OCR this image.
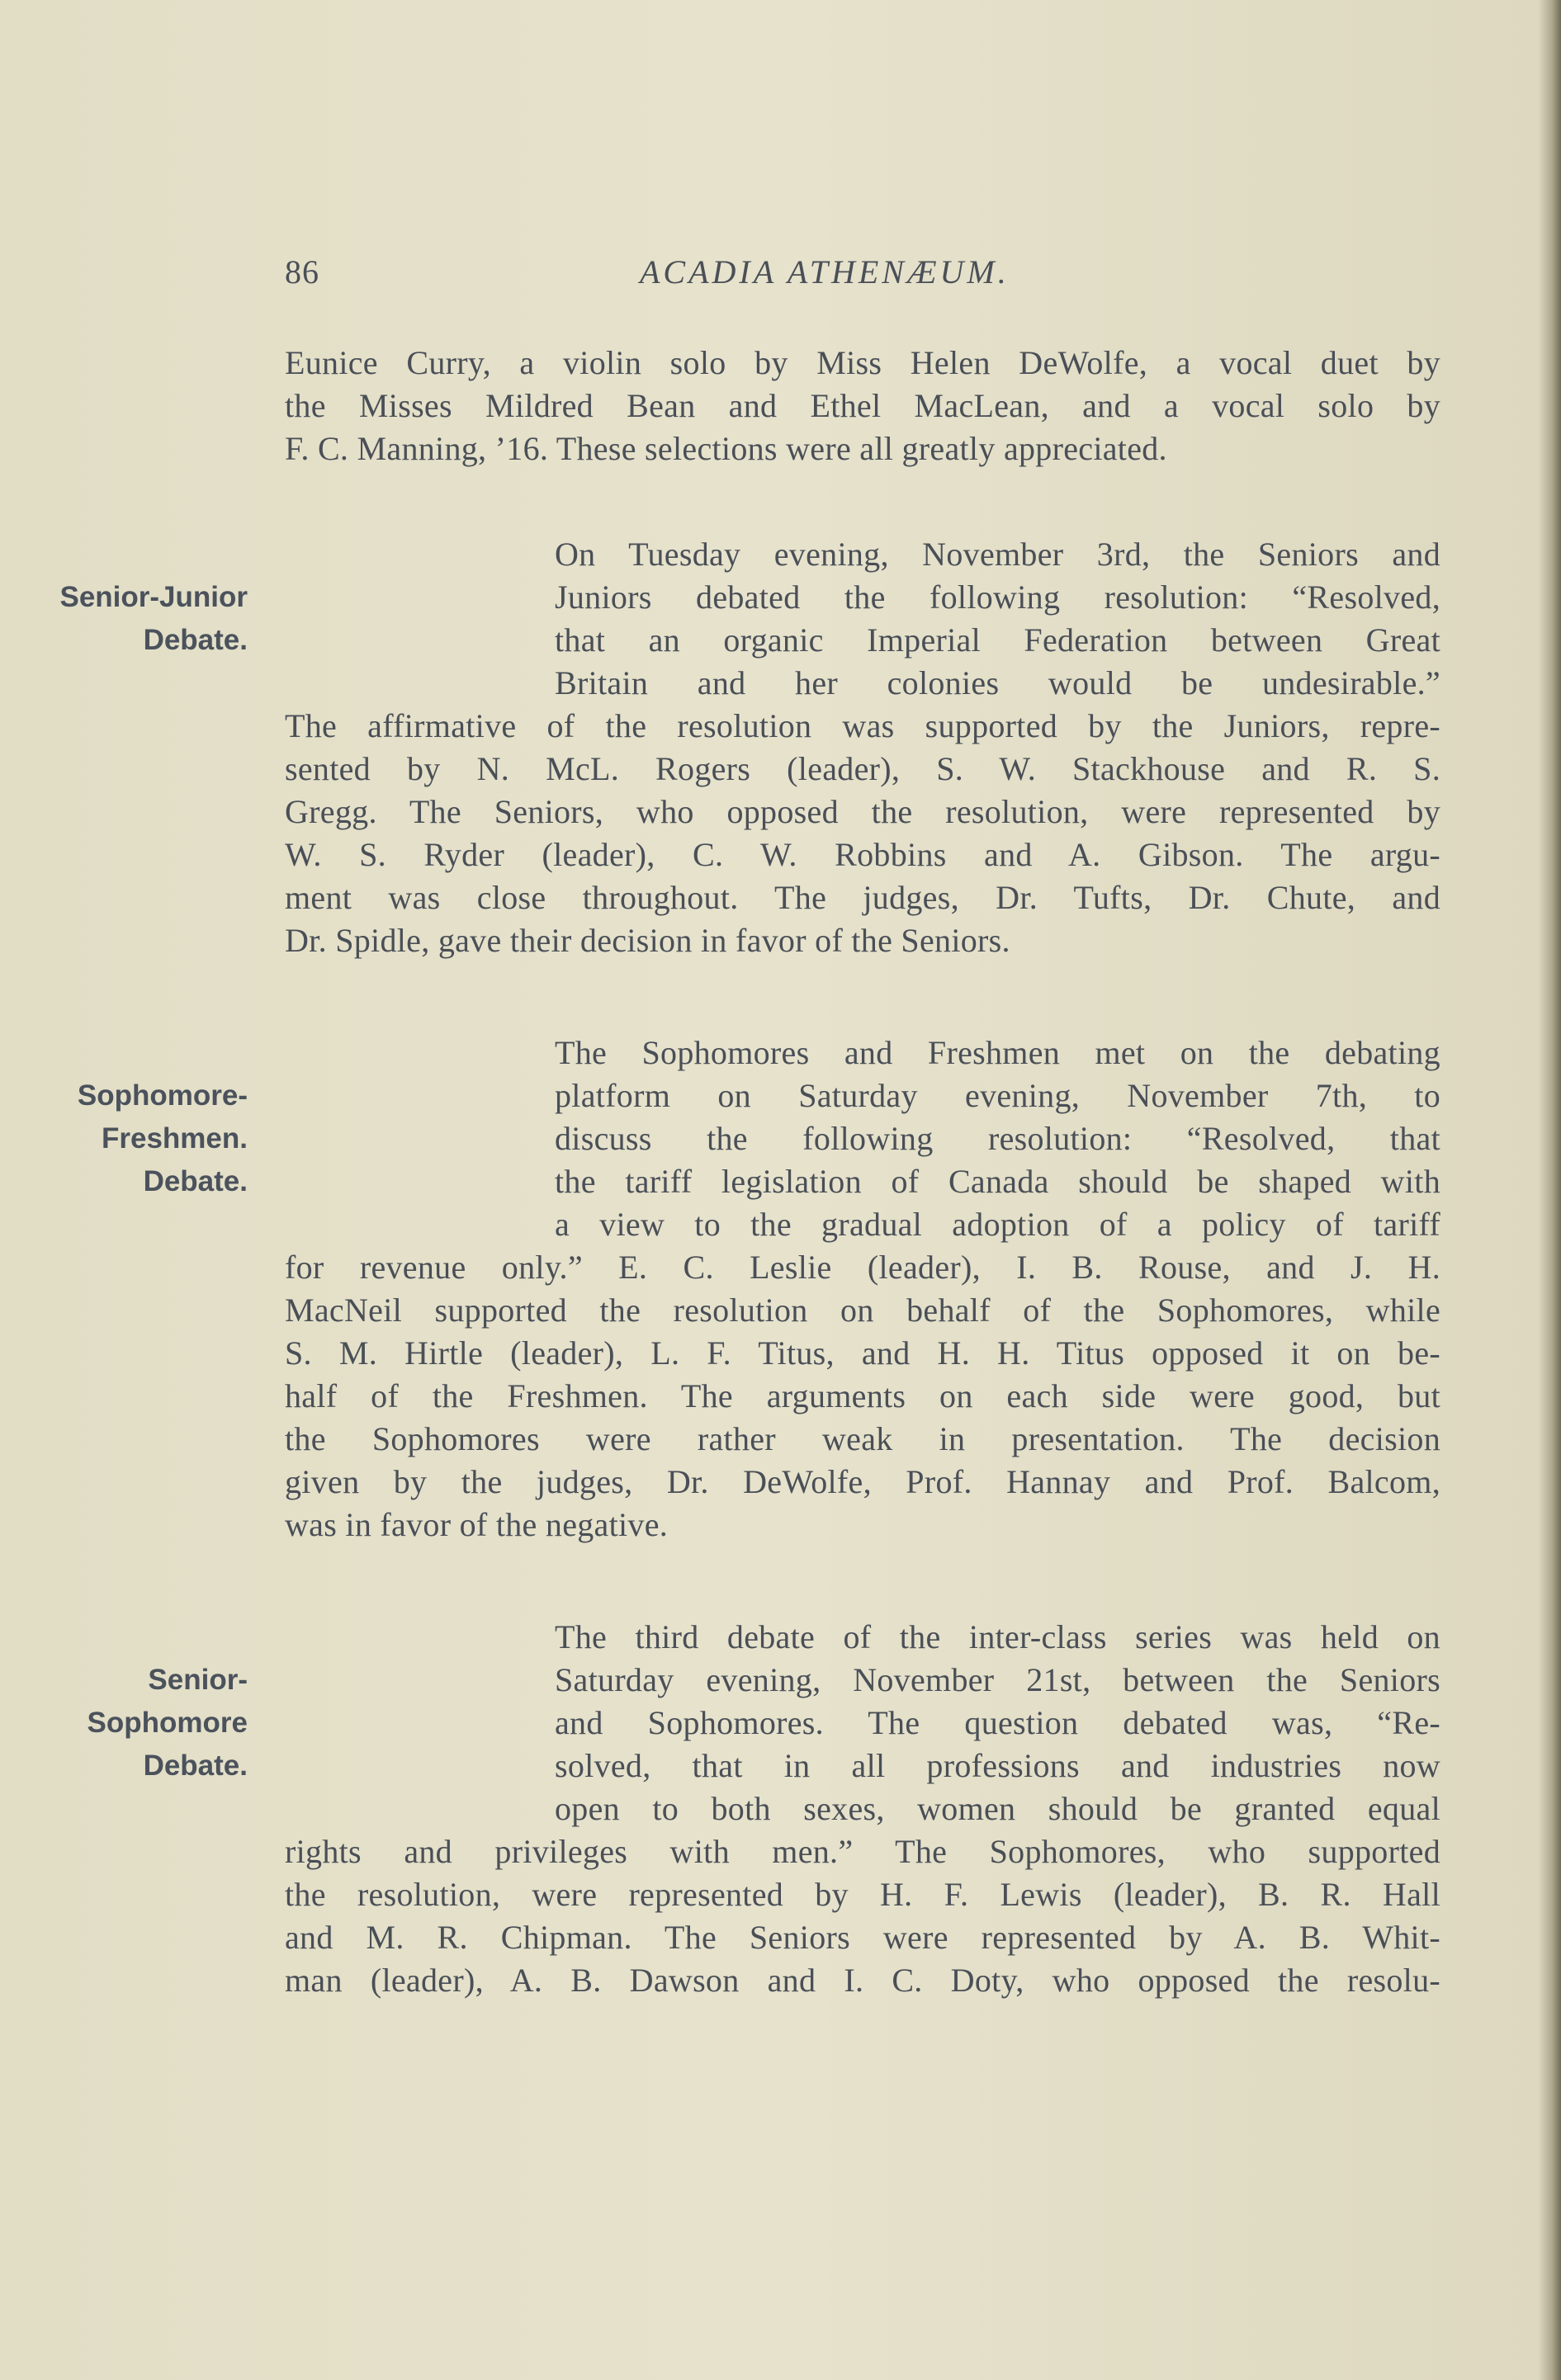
86	ACADIA ATHENÆUM.
Eunice Curry, a violin solo by Miss Helen DeWolfe, a vocal duet by
the Misses Mildred Bean and Ethel MacLean, and a vocal solo by
F. C. Manning, ’16. These selections were all greatly appreciated.
Senior-Junior
Debate.
On Tuesday evening, November 3rd, the Seniors and
Juniors debated the following resolution: “Resolved,
that an organic Imperial Federation between Great
Britain and her colonies would be undesirable.”
The affirmative of the resolution was supported by the Juniors, repre-
sented by N. McL. Rogers (leader), S. W. Stackhouse and R. S.
Gregg. The Seniors, who opposed the resolution, were represented by
W. S. Ryder (leader), C. W. Robbins and A. Gibson. The argu-
ment was close throughout. The judges, Dr. Tufts, Dr. Chute, and
Dr. Spidle, gave their decision in favor of the Seniors.
Sophomore-
Freshmen.
Debate.
The Sophomores and Freshmen met on the debating
platform on Saturday evening, November 7th, to
discuss the following resolution: “Resolved, that
the tariff legislation of Canada should be shaped with
a view to the gradual adoption of a policy of tariff
for revenue only.” E. C. Leslie (leader), I. B. Rouse, and J. H.
MacNeil supported the resolution on behalf of the Sophomores, while
S. M. Hirtle (leader), L. F. Titus, and H. H. Titus opposed it on be-
half of the Freshmen. The arguments on each side were good, but
the Sophomores were rather weak in presentation. The decision
given by the judges, Dr. DeWolfe, Prof. Hannay and Prof. Balcom,
was in favor of the negative.
Senior-
Sophomore
Debate.
The third debate of the inter-class series was held on
Saturday evening, November 21st, between the Seniors
and Sophomores. The question debated was, “Re-
solved, that in all professions and industries now
open to both sexes, women should be granted equal
rights and privileges with men.” The Sophomores, who supported
the resolution, were represented by H. F. Lewis (leader), B. R. Hall
and M. R. Chipman. The Seniors were represented by A. B. Whit-
man (leader), A. B. Dawson and I. C. Doty, who opposed the resolu-
